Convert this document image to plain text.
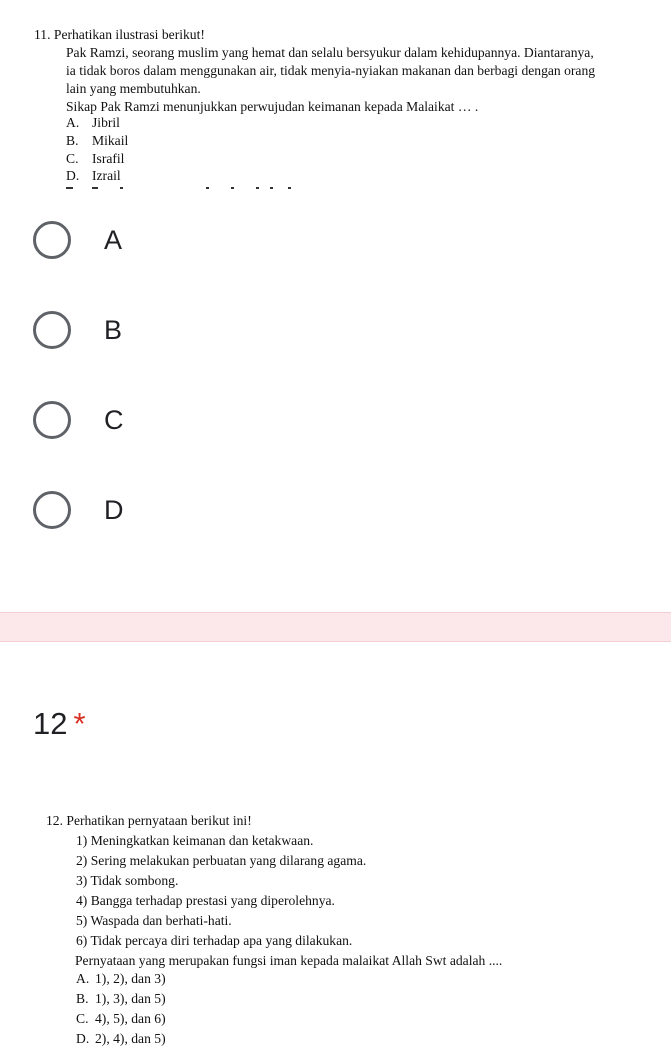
11. Perhatikan ilustrasi berikut!
Pak Ramzi, seorang muslim yang hemat dan selalu bersyukur dalam kehidupannya. Diantaranya,
ia tidak boros dalam menggunakan air, tidak menyia-nyiakan makanan dan berbagi dengan orang
lain yang membutuhkan.
Sikap Pak Ramzi menunjukkan perwujudan keimanan kepada Malaikat … .
A. Jibril
B. Mikail
C. Israfil
D. Izrail
A
B
C
D
12 *
12. Perhatikan pernyataan berikut ini!
1) Meningkatkan keimanan dan ketakwaan.
2) Sering melakukan perbuatan yang dilarang agama.
3) Tidak sombong.
4) Bangga terhadap prestasi yang diperolehnya.
5) Waspada dan berhati-hati.
6) Tidak percaya diri terhadap apa yang dilakukan.
Pernyataan yang merupakan fungsi iman kepada malaikat Allah Swt adalah ....
A. 1), 2), dan 3)
B. 1), 3), dan 5)
C. 4), 5), dan 6)
D. 2), 4), dan 5)
